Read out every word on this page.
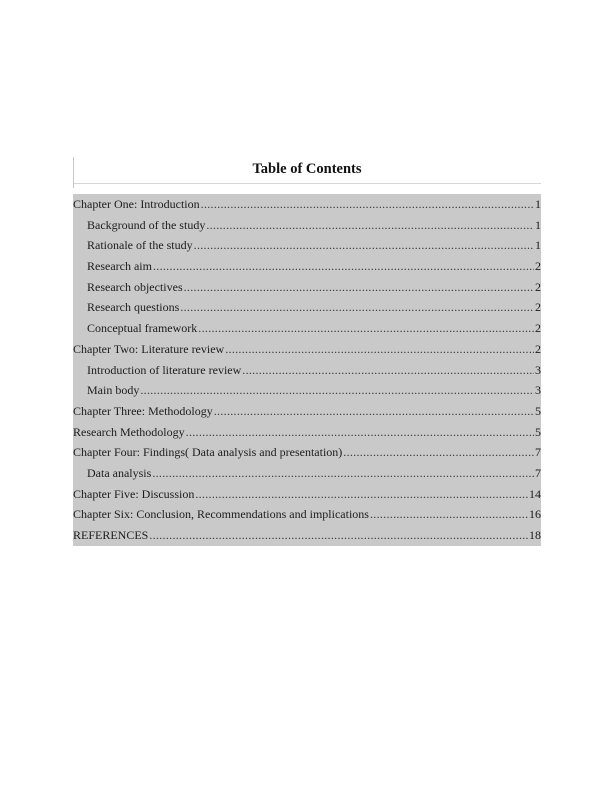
Table of Contents
Chapter One: Introduction .....	1
Background of the study .....	1
Rationale of the study .....	1
Research aim .....	2
Research objectives .....	2
Research questions .....	2
Conceptual framework .....	2
Chapter Two: Literature review .....	2
Introduction of literature review .....	3
Main body .....	3
Chapter Three: Methodology .....	5
Research Methodology .....	5
Chapter Four: Findings( Data analysis and presentation) .....	7
Data analysis .....	7
Chapter Five: Discussion .....	14
Chapter Six: Conclusion, Recommendations and implications .....	16
REFERENCES .....	18
